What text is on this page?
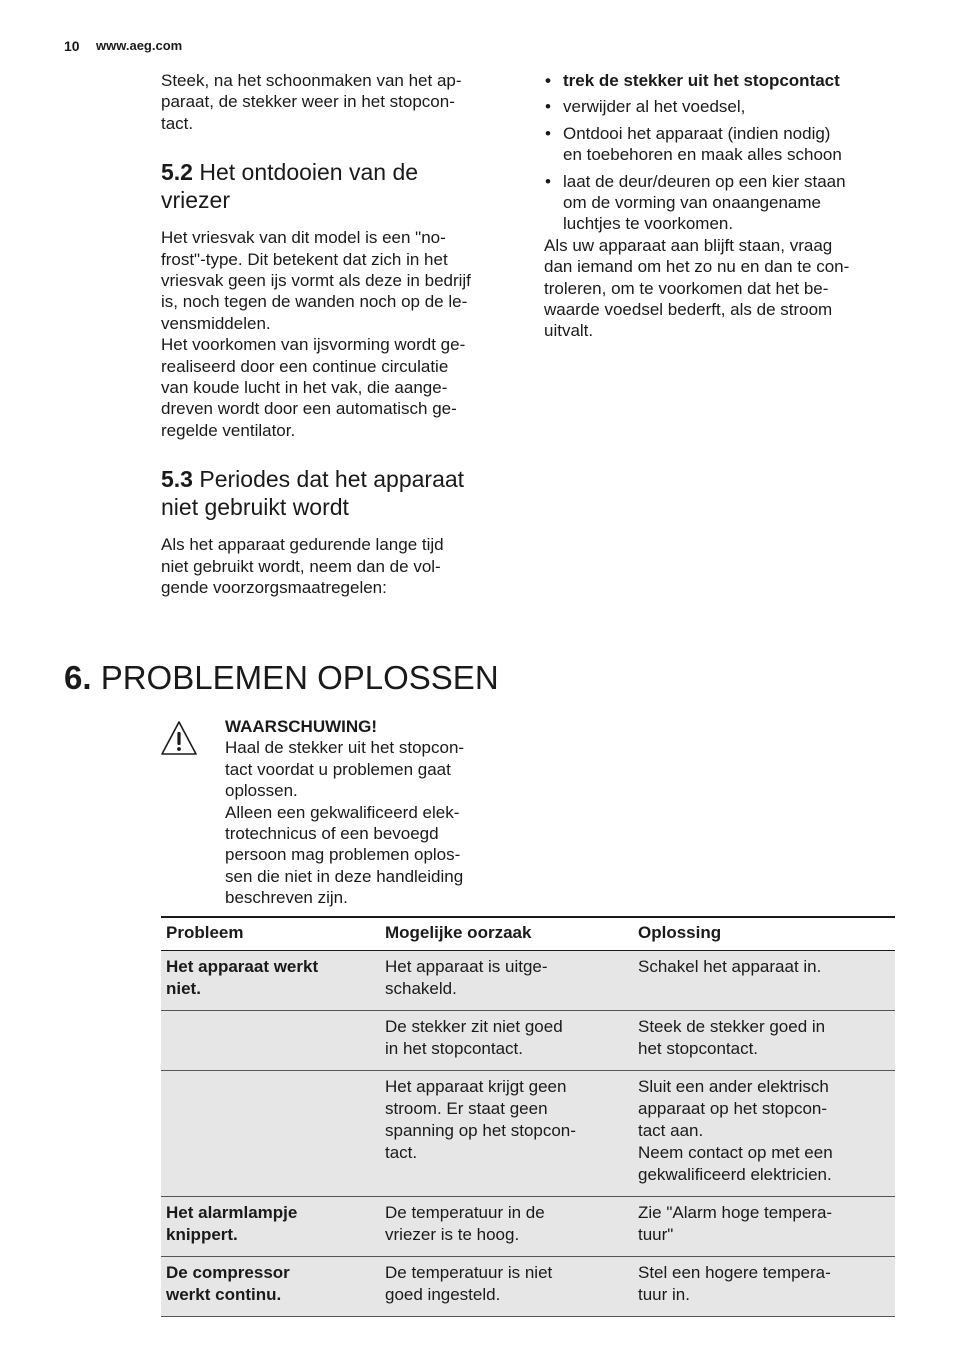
10 www.aeg.com

Steek, na het schoonmaken van het ap-
paraat, de stekker weer in het stopcon-
tact.

5.2 Het ontdooien van de
vriezer

Het vriesvak van dit model is een "no-
frost"-type. Dit betekent dat zich in het
vriesvak geen ijs vormt als deze in bedrijf
is, noch tegen de wanden noch op de le-
vensmiddelen.

Het voorkomen van ijsvorming wordt ge-
realiseerd door een continue circulatie
van koude lucht in het vak, die aange-
dreven wordt door een automatisch ge-
regelde ventilator.

5.3 Periodes dat het apparaat
niet gebruikt wordt

Als het apparaat gedurende lange tijd
niet gebruikt wordt, neem dan de vol-
gende voorzorgsmaatregelen:

• trek de stekker uit het stopcontact
• verwijder al het voedsel,
• Ontdooi het apparaat (indien nodig)
en toebehoren en maak alles schoon
• laat de deur/deuren op een kier staan
om de vorming van onaangename
luchtjes te voorkomen.

Als uw apparaat aan blijft staan, vraag
dan iemand om het zo nu en dan te con-
troleren, om te voorkomen dat het be-
waarde voedsel bederft, als de stroom
uitvalt.

6. PROBLEMEN OPLOSSEN

WAARSCHUWING!

Haal de stekker uit het stopcon-
tact voordat u problemen gaat
oplossen.

Alleen een gekwalificeerd elek-
trotechnicus of een bevoegd
persoon mag problemen oplos-
sen die niet in deze handleiding
beschreven zijn.

Probleem	Mogelijke oorzaak	Oplossing
Het apparaat werkt
niet.	Het apparaat is uitge-
schakeld.	Schakel het apparaat in.
	De stekker zit niet goed
in het stopcontact.	Steek de stekker goed in
het stopcontact.
	Het apparaat krijgt geen
stroom. Er staat geen
spanning op het stopcon-
tact.	Sluit een ander elektrisch
apparaat op het stopcon-
tact aan.
Neem contact op met een
gekwalificeerd elektricien.
Het alarmlampje
knippert.	De temperatuur in de
vriezer is te hoog.	Zie "Alarm hoge tempera-
tuur"
De compressor
werkt continu.	De temperatuur is niet
goed ingesteld.	Stel een hogere tempera-
tuur in.
